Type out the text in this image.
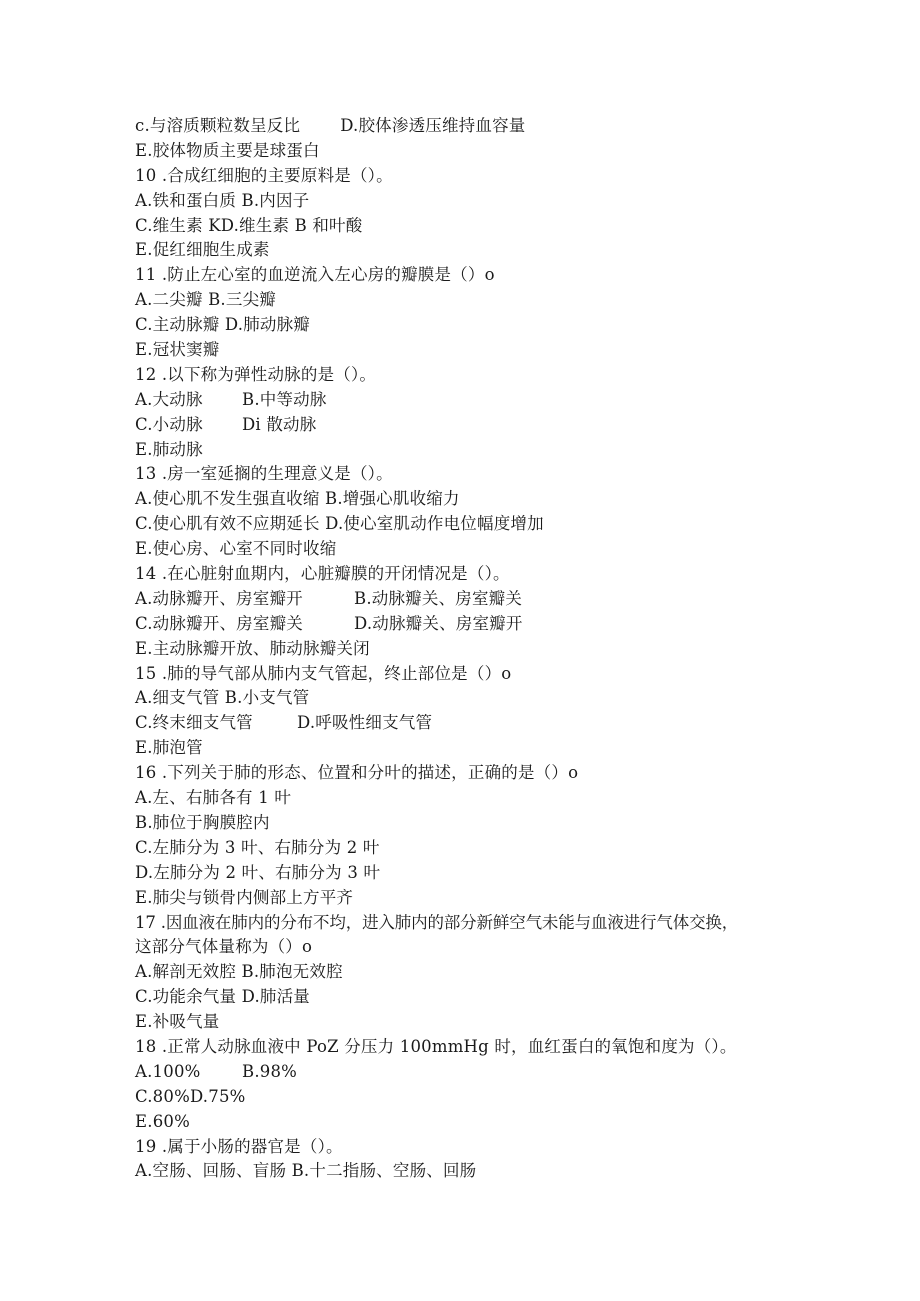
c.与溶质颗粒数呈反比 D.胶体渗透压维持血容量
E.胶体物质主要是球蛋白
10 .合成红细胞的主要原料是（）。
A.铁和蛋白质 B.内因子
C.维生素 KD.维生素 B 和叶酸
E.促红细胞生成素
11 .防止左心室的血逆流入左心房的瓣膜是（）o
A.二尖瓣 B.三尖瓣
C.主动脉瓣 D.肺动脉瓣
E.冠状窦瓣
12 .以下称为弹性动脉的是（）。
A.大动脉 B.中等动脉
C.小动脉 Di 散动脉
E.肺动脉
13 .房一室延搁的生理意义是（）。
A.使心肌不发生强直收缩 B.增强心肌收缩力
C.使心肌有效不应期延长 D.使心室肌动作电位幅度增加
E.使心房、心室不同时收缩
14 .在心脏射血期内，心脏瓣膜的开闭情况是（）。
A.动脉瓣开、房室瓣开	B.动脉瓣关、房室瓣关
C.动脉瓣开、房室瓣关	D.动脉瓣关、房室瓣开
E.主动脉瓣开放、肺动脉瓣关闭
15 .肺的导气部从肺内支气管起，终止部位是（）o
A.细支气管 B.小支气管
C.终末细支气管	D.呼吸性细支气管
E.肺泡管
16 .下列关于肺的形态、位置和分叶的描述，正确的是（）o
A.左、右肺各有 1 叶
B.肺位于胸膜腔内
C.左肺分为 3 叶、右肺分为 2 叶
D.左肺分为 2 叶、右肺分为 3 叶
E.肺尖与锁骨内侧部上方平齐
17 .因血液在肺内的分布不均，进入肺内的部分新鲜空气未能与血液进行气体交换，
这部分气体量称为（）o
A.解剖无效腔 B.肺泡无效腔
C.功能余气量 D.肺活量
E.补吸气量
18 .正常人动脉血液中 PoZ 分压力 100mmHg 时，血红蛋白的氧饱和度为（）。
A.100%	B.98%
C.80%D.75%
E.60%
19 .属于小肠的器官是（）。
A.空肠、回肠、盲肠 B.十二指肠、空肠、回肠
